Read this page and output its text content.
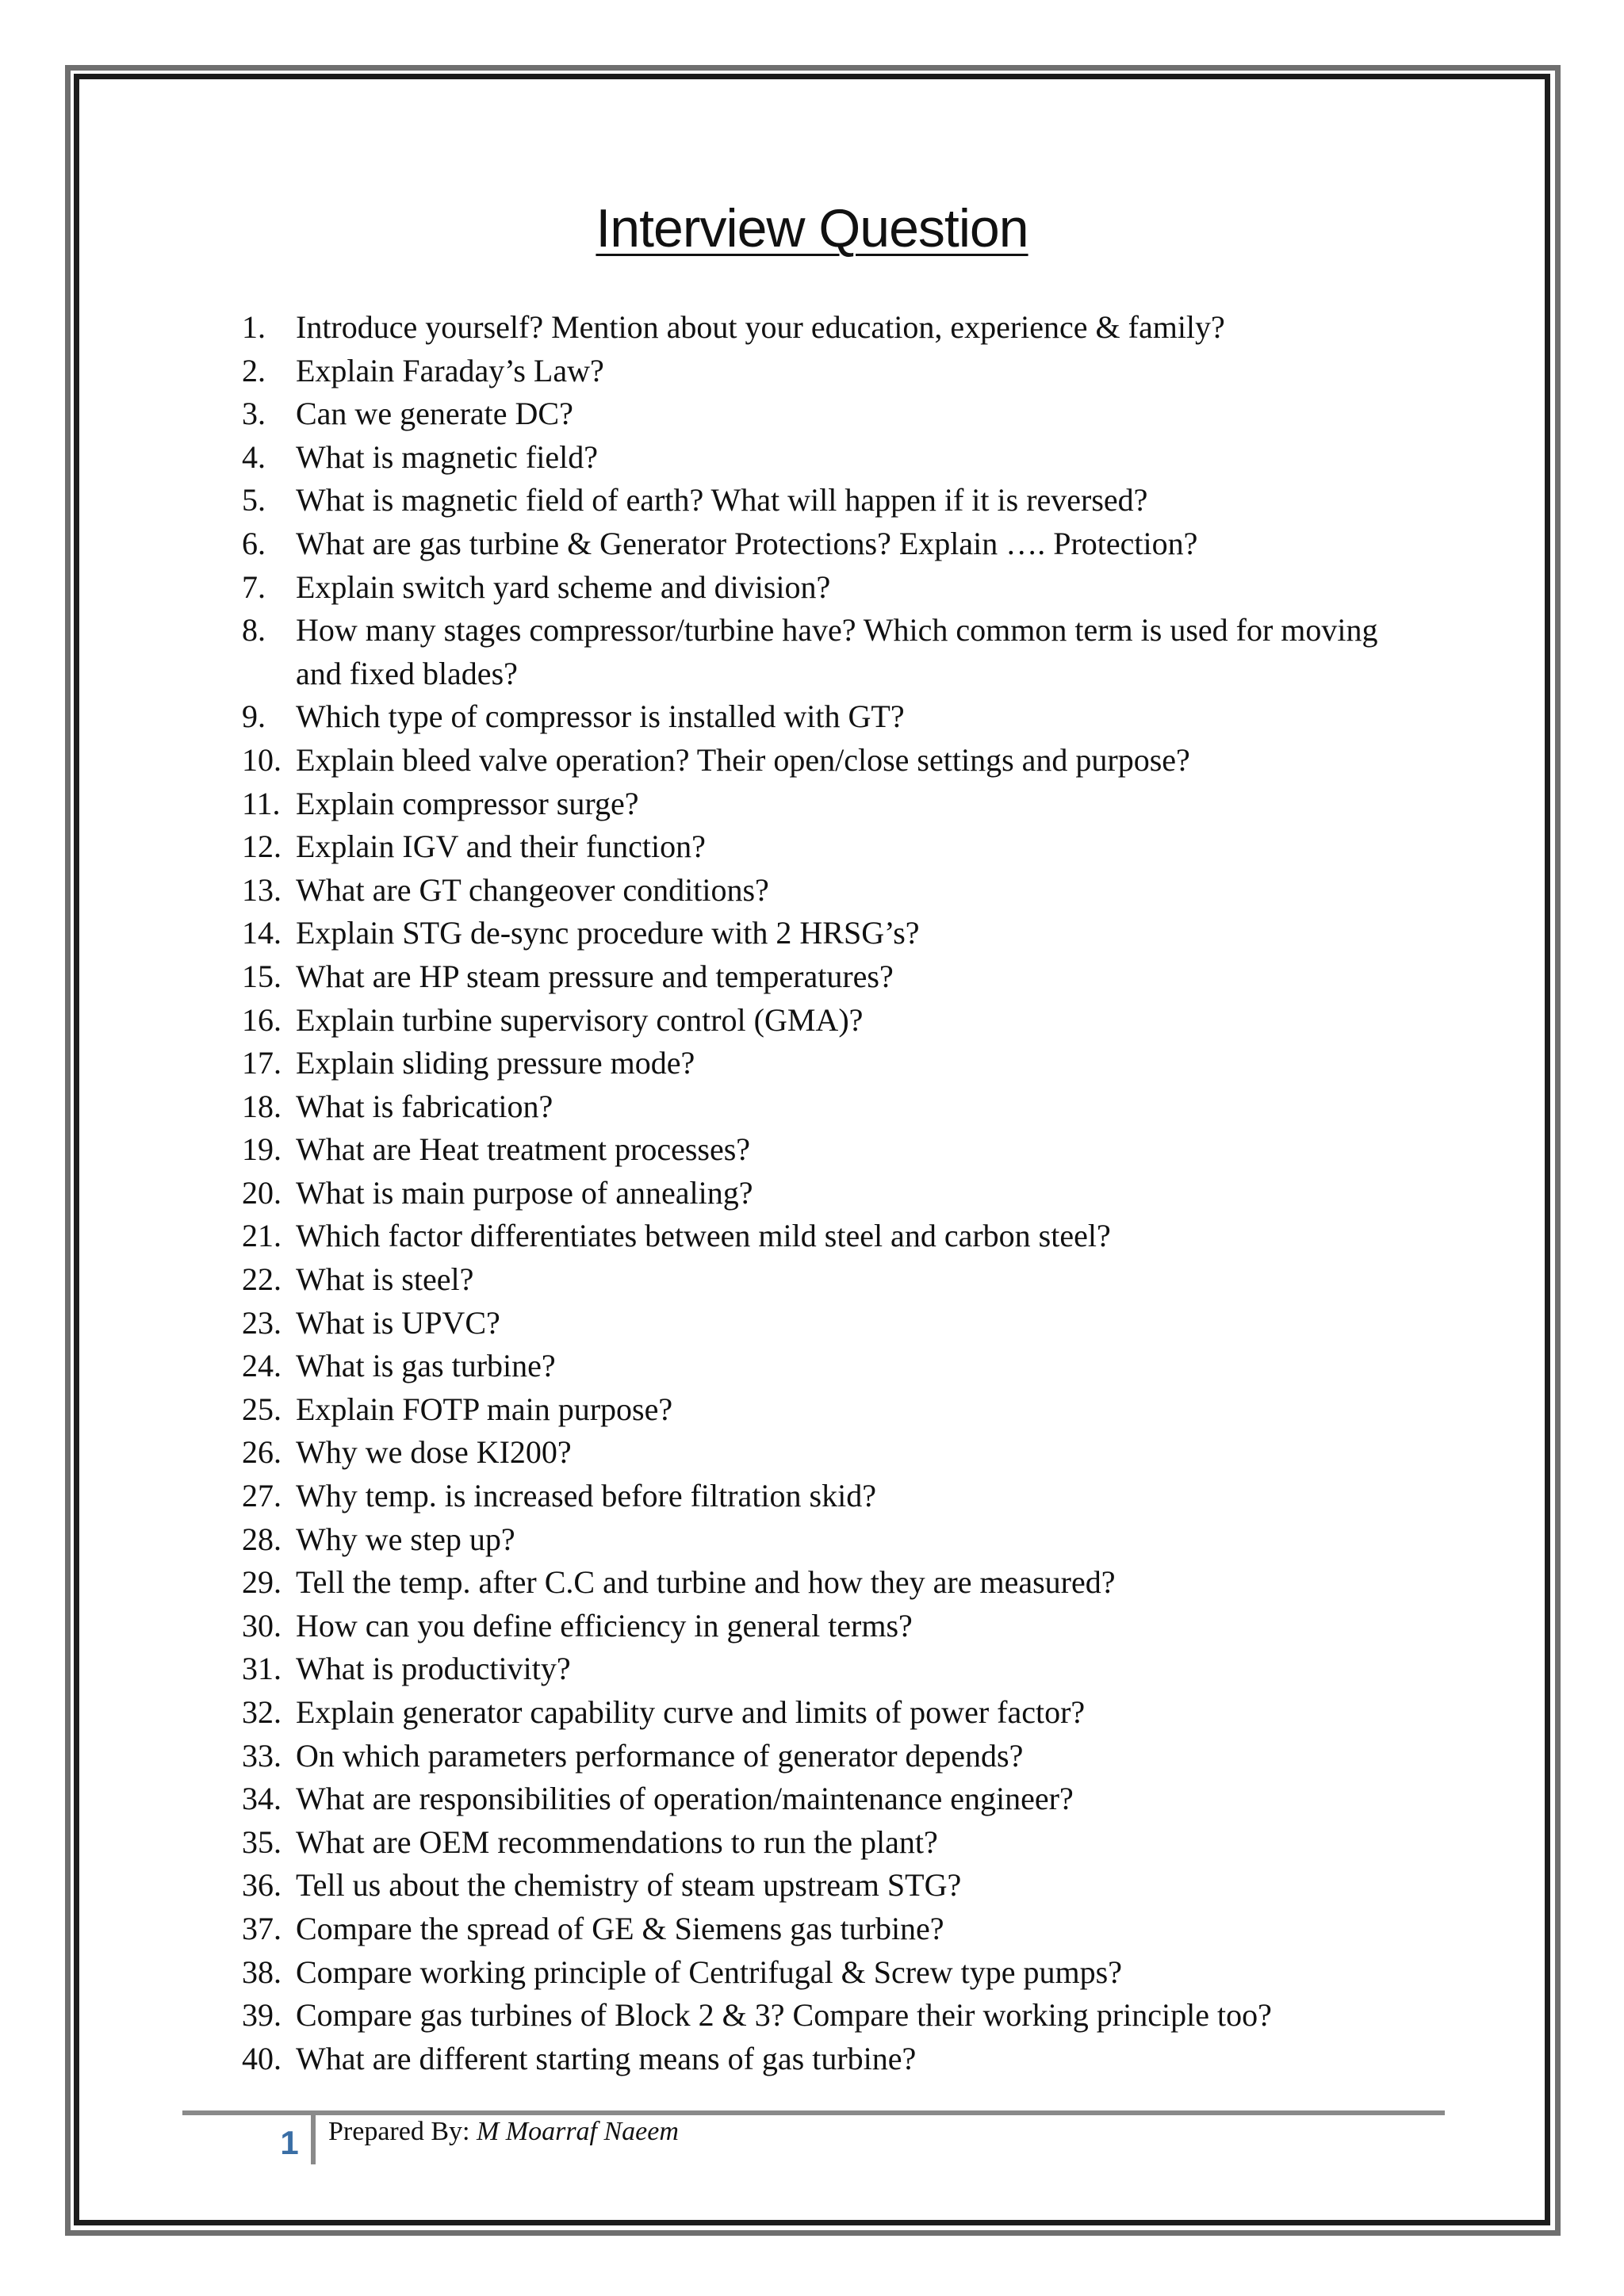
Interview Question
1. Introduce yourself? Mention about your education, experience & family?
2. Explain Faraday’s Law?
3. Can we generate DC?
4. What is magnetic field?
5. What is magnetic field of earth? What will happen if it is reversed?
6. What are gas turbine & Generator Protections? Explain …. Protection?
7. Explain switch yard scheme and division?
8. How many stages compressor/turbine have? Which common term is used for moving and fixed blades?
9. Which type of compressor is installed with GT?
10. Explain bleed valve operation? Their open/close settings and purpose?
11. Explain compressor surge?
12. Explain IGV and their function?
13. What are GT changeover conditions?
14. Explain STG de-sync procedure with 2 HRSG’s?
15. What are HP steam pressure and temperatures?
16. Explain turbine supervisory control (GMA)?
17. Explain sliding pressure mode?
18. What is fabrication?
19. What are Heat treatment processes?
20. What is main purpose of annealing?
21. Which factor differentiates between mild steel and carbon steel?
22. What is steel?
23. What is UPVC?
24. What is gas turbine?
25. Explain FOTP main purpose?
26. Why we dose KI200?
27. Why temp. is increased before filtration skid?
28. Why we step up?
29. Tell the temp. after C.C and turbine and how they are measured?
30. How can you define efficiency in general terms?
31. What is productivity?
32. Explain generator capability curve and limits of power factor?
33. On which parameters performance of generator depends?
34. What are responsibilities of operation/maintenance engineer?
35. What are OEM recommendations to run the plant?
36. Tell us about the chemistry of steam upstream STG?
37. Compare the spread of GE & Siemens gas turbine?
38. Compare working principle of Centrifugal & Screw type pumps?
39. Compare gas turbines of Block 2 & 3? Compare their working principle too?
40. What are different starting means of gas turbine?
1 Prepared By: M Moarraf Naeem
